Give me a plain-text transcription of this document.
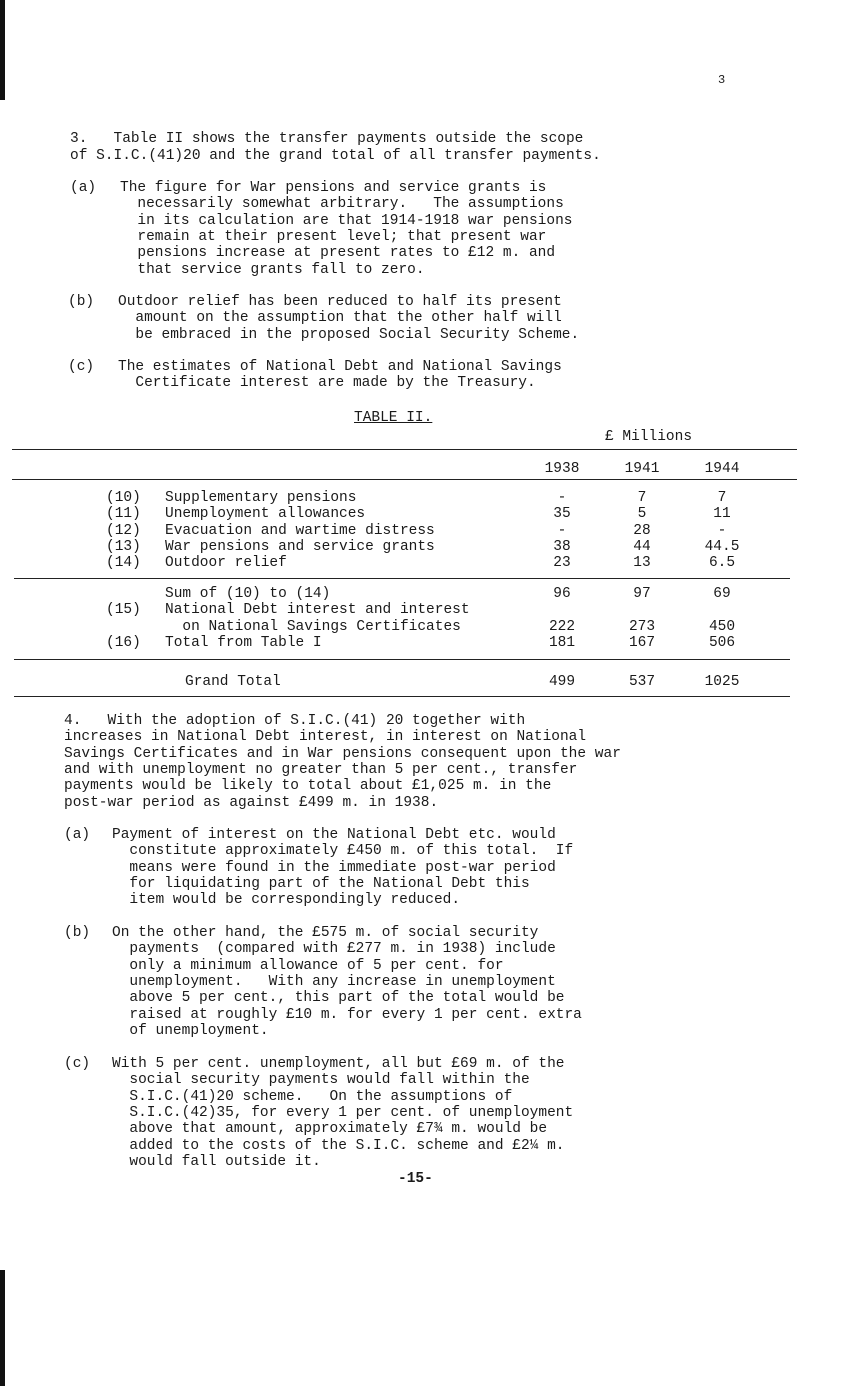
3
3.   Table II shows the transfer payments outside the scope
of S.I.C.(41)20 and the grand total of all transfer payments.
(a) The figure for War pensions and service grants is
necessarily somewhat arbitrary.   The assumptions
in its calculation are that 1914-1918 war pensions
remain at their present level; that present war
pensions increase at present rates to £12 m. and
that service grants fall to zero.
(b) Outdoor relief has been reduced to half its present
amount on the assumption that the other half will
be embraced in the proposed Social Security Scheme.
(c) The estimates of National Debt and National Savings
Certificate interest are made by the Treasury.
TABLE II.
£ Millions
1938	1941	1944
(10) Supplementary pensions	-	7	7
(11) Unemployment allowances	35	5	11
(12) Evacuation and wartime distress	-	28	-
(13) War pensions and service grants	38	44	44.5
(14) Outdoor relief	23	13	6.5
Sum of (10) to (14)	96	97	69
(15) National Debt interest and interest
on National Savings Certificates	222	273	450
(16) Total from Table I	181	167	506
Grand Total	499	537	1025
4.   With the adoption of S.I.C.(41) 20 together with
increases in National Debt interest, in interest on National
Savings Certificates and in War pensions consequent upon the war
and with unemployment no greater than 5 per cent., transfer
payments would be likely to total about £1,025 m. in the
post-war period as against £499 m. in 1938.
(a) Payment of interest on the National Debt etc. would
constitute approximately £450 m. of this total.  If
means were found in the immediate post-war period
for liquidating part of the National Debt this
item would be correspondingly reduced.
(b) On the other hand, the £575 m. of social security
payments  (compared with £277 m. in 1938) include
only a minimum allowance of 5 per cent. for
unemployment.   With any increase in unemployment
above 5 per cent., this part of the total would be
raised at roughly £10 m. for every 1 per cent. extra
of unemployment.
(c) With 5 per cent. unemployment, all but £69 m. of the
social security payments would fall within the
S.I.C.(41)20 scheme.   On the assumptions of
S.I.C.(42)35, for every 1 per cent. of unemployment
above that amount, approximately £7¾ m. would be
added to the costs of the S.I.C. scheme and £2¼ m.
would fall outside it.
-15-
